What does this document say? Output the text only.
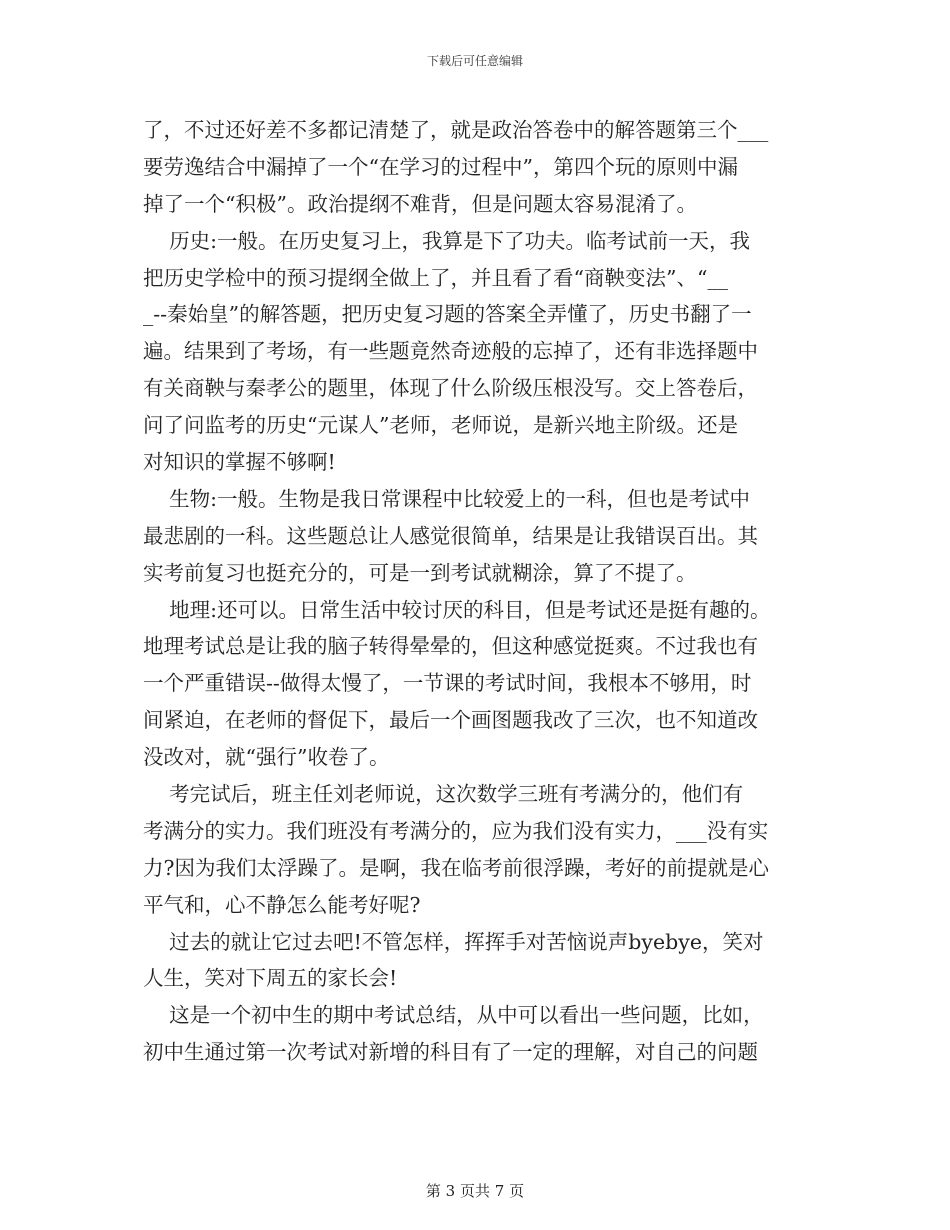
下载后可任意编辑
了，不过还好差不多都记清楚了，就是政治答卷中的解答题第三个___
要劳逸结合中漏掉了一个“在学习的过程中”，第四个玩的原则中漏
掉了一个“积极”。政治提纲不难背，但是问题太容易混淆了。
历史:一般。在历史复习上，我算是下了功夫。临考试前一天，我
把历史学检中的预习提纲全做上了，并且看了看“商鞅变法”、“__
_--秦始皇”的解答题，把历史复习题的答案全弄懂了，历史书翻了一
遍。结果到了考场，有一些题竟然奇迹般的忘掉了，还有非选择题中
有关商鞅与秦孝公的题里，体现了什么阶级压根没写。交上答卷后，
问了问监考的历史“元谋人”老师，老师说，是新兴地主阶级。还是
对知识的掌握不够啊!
生物:一般。生物是我日常课程中比较爱上的一科，但也是考试中
最悲剧的一科。这些题总让人感觉很简单，结果是让我错误百出。其
实考前复习也挺充分的，可是一到考试就糊涂，算了不提了。
地理:还可以。日常生活中较讨厌的科目，但是考试还是挺有趣的。
地理考试总是让我的脑子转得晕晕的，但这种感觉挺爽。不过我也有
一个严重错误--做得太慢了，一节课的考试时间，我根本不够用，时
间紧迫，在老师的督促下，最后一个画图题我改了三次，也不知道改
没改对，就“强行”收卷了。
考完试后，班主任刘老师说，这次数学三班有考满分的，他们有
考满分的实力。我们班没有考满分的，应为我们没有实力，___没有实
力?因为我们太浮躁了。是啊，我在临考前很浮躁，考好的前提就是心
平气和，心不静怎么能考好呢?
过去的就让它过去吧!不管怎样，挥挥手对苦恼说声byebye，笑对
人生，笑对下周五的家长会!
这是一个初中生的期中考试总结，从中可以看出一些问题，比如，
初中生通过第一次考试对新增的科目有了一定的理解，对自己的问题
第 3 页共 7 页
